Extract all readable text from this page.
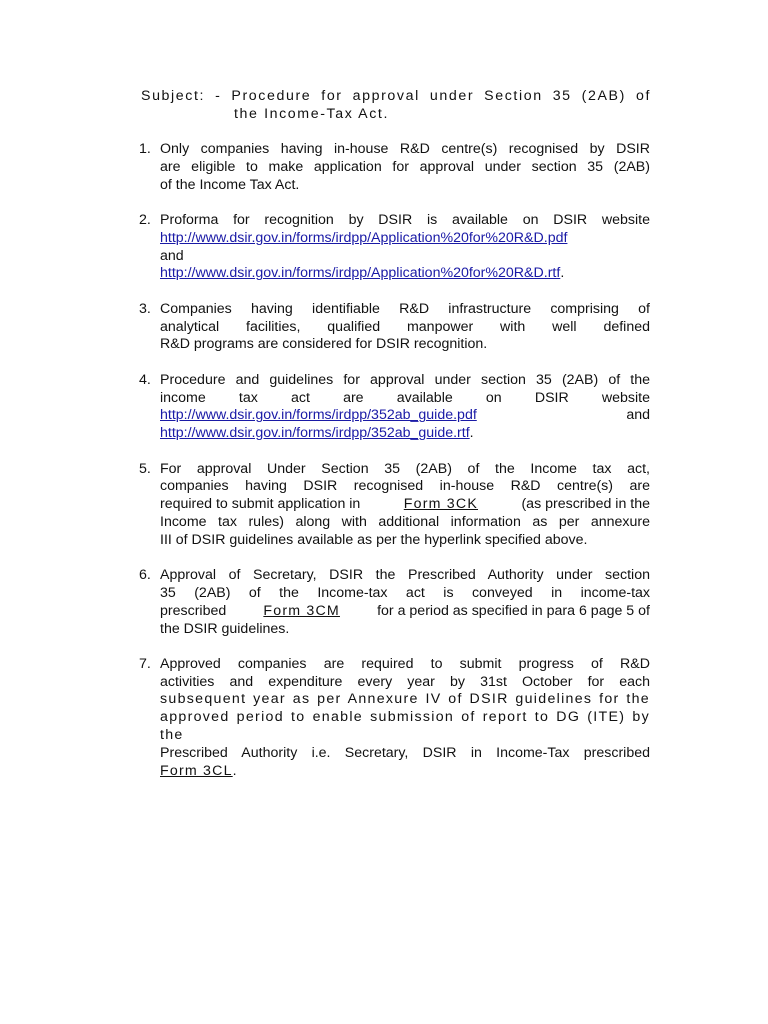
Subject: - Procedure for approval under Section 35 (2AB) of
the Income-Tax Act.
1. Only companies having in-house R&D centre(s) recognised by DSIR
are eligible to make application for approval under section 35 (2AB)
of the Income Tax Act.
2. Proforma for recognition by DSIR is available on DSIR website
http://www.dsir.gov.in/forms/irdpp/Application%20for%20R&D.pdf
and
http://www.dsir.gov.in/forms/irdpp/Application%20for%20R&D.rtf.
3. Companies having identifiable R&D infrastructure comprising of
analytical facilities, qualified manpower with well defined
R&D programs are considered for DSIR recognition.
4. Procedure and guidelines for approval under section 35 (2AB) of the
income tax act are available on DSIR website
http://www.dsir.gov.in/forms/irdpp/352ab_guide.pdf	and
http://www.dsir.gov.in/forms/irdpp/352ab_guide.rtf.
5. For approval Under Section 35 (2AB) of the Income tax act,
companies having DSIR recognised in-house R&D centre(s) are
required to submit application in	Form 3CK	(as prescribed in the
Income tax rules) along with additional information as per annexure
III of DSIR guidelines available as per the hyperlink specified above.
6. Approval of Secretary, DSIR the Prescribed Authority under section
35 (2AB) of the Income-tax act is conveyed in income-tax
prescribed	Form 3CM	for a period as specified in para 6 page 5 of
the DSIR guidelines.
7. Approved companies are required to submit progress of R&D
activities and expenditure every year by 31st October for each
subsequent year as per Annexure IV of DSIR guidelines for the
approved period to enable submission of report to DG (ITE) by the
Prescribed Authority i.e. Secretary, DSIR in Income-Tax prescribed
Form 3CL.
